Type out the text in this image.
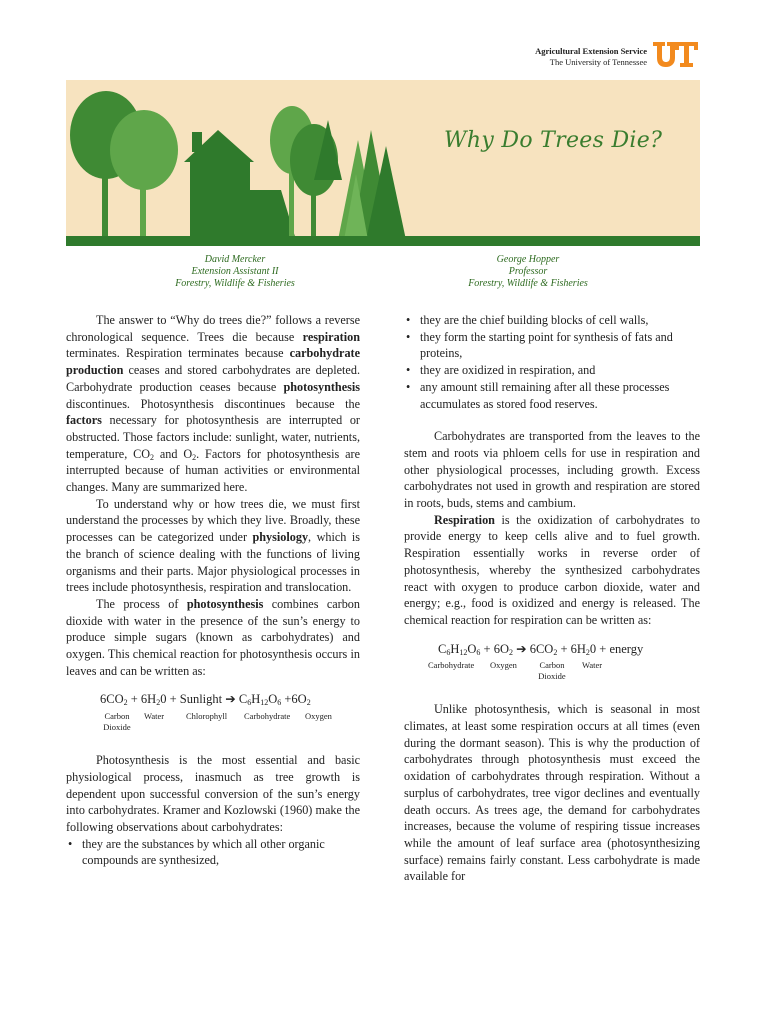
Agricultural Extension Service
The University of Tennessee
Why Do Trees Die?
David Mercker
Extension Assistant II
Forestry, Wildlife & Fisheries
George Hopper
Professor
Forestry, Wildlife & Fisheries

The answer to “Why do trees die?” follows a reverse chronological sequence. Trees die because respiration terminates. Respiration terminates because carbohydrate production ceases and stored carbohydrates are depleted. Carbohydrate production ceases because photosynthesis discontinues. Photosynthesis discontinues because the factors necessary for photosynthesis are interrupted or obstructed. Those factors include: sunlight, water, nutrients, temperature, $CO_2$ and $O_2$. Factors for photosynthesis are interrupted because of human activities or environmental changes. Many are summarized here.

To understand why or how trees die, we must first understand the processes by which they live. Broadly, these processes can be categorized under physiology, which is the branch of science dealing with the functions of living organisms and their parts. Major physiological processes in trees include photosynthesis, respiration and translocation.

The process of photosynthesis combines carbon dioxide with water in the presence of the sun’s energy to produce simple sugars (known as carbohydrates) and oxygen. This chemical reaction for photosynthesis occurs in leaves and can be written as:

$6CO_2 + 6H_20$ + Sunlight ➔ $C_6H_{12}O_6 +6O_2$
Carbon Dioxide
Water	Chlorophyll Carbohydrate Oxygen

Photosynthesis is the most essential and basic physiological process, inasmuch as tree growth is dependent upon successful conversion of the sun’s energy into carbohydrates. Kramer and Kozlowski (1960) make the following observations about carbohydrates:

• they are the substances by which all other organic compounds are synthesized,
• they are the chief building blocks of cell walls,
• they form the starting point for synthesis of fats and proteins,
• they are oxidized in respiration, and
• any amount still remaining after all these processes accumulates as stored food reserves.

Carbohydrates are transported from the leaves to the stem and roots via phloem cells for use in respiration and other physiological processes, including growth. Excess carbohydrates not used in growth and respiration are stored in roots, buds, stems and cambium.

Respiration is the oxidization of carbohydrates to provide energy to keep cells alive and to fuel growth. Respiration essentially works in reverse order of photosynthesis, whereby the synthesized carbohydrates react with oxygen to produce carbon dioxide, water and energy; e.g., food is oxidized and energy is released. The chemical reaction for respiration can be written as:

$C_6H_{12}O_6 + 6O_2$ ➔ $6CO_2 + 6H_20$ + energy
Carbohydrate Oxygen	Carbon Dioxide
Water

Unlike photosynthesis, which is seasonal in most climates, at least some respiration occurs at all times (even during the dormant season). This is why the production of carbohydrates through photosynthesis must exceed the oxidation of carbohydrates through respiration. Without a surplus of carbohydrates, tree vigor declines and eventually death occurs. As trees age, the demand for carbohydrates increases, because the volume of respiring tissue increases while the amount of leaf surface area (photosynthesizing surface) remains fairly constant. Less carbohydrate is made available for
